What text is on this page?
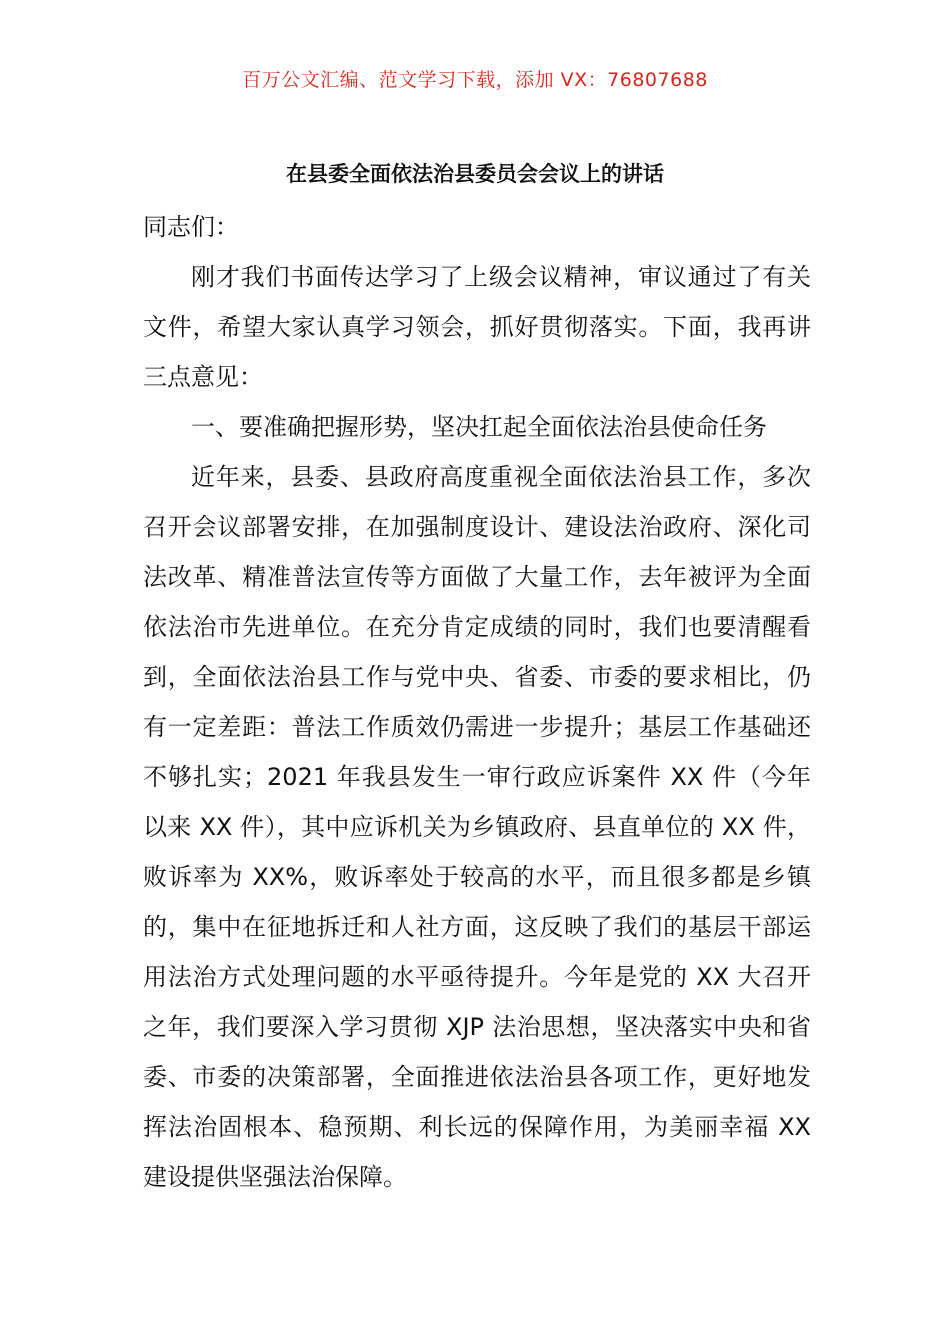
百万公文汇编、范文学习下载，添加 VX：76807688
在县委全面依法治县委员会会议上的讲话

同志们：

刚才我们书面传达学习了上级会议精神，审议通过了有关文件，希望大家认真学习领会，抓好贯彻落实。下面，我再讲三点意见：

一、要准确把握形势，坚决扛起全面依法治县使命任务

近年来，县委、县政府高度重视全面依法治县工作，多次召开会议部署安排，在加强制度设计、建设法治政府、深化司法改革、精准普法宣传等方面做了大量工作，去年被评为全面依法治市先进单位。在充分肯定成绩的同时，我们也要清醒看到，全面依法治县工作与党中央、省委、市委的要求相比，仍有一定差距：普法工作质效仍需进一步提升；基层工作基础还不够扎实；2021 年我县发生一审行政应诉案件 XX 件（今年以来 XX 件），其中应诉机关为乡镇政府、县直单位的 XX 件，败诉率为 XX%，败诉率处于较高的水平，而且很多都是乡镇的，集中在征地拆迁和人社方面，这反映了我们的基层干部运用法治方式处理问题的水平亟待提升。今年是党的 XX 大召开之年，我们要深入学习贯彻 XJP 法治思想，坚决落实中央和省委、市委的决策部署，全面推进依法治县各项工作，更好地发挥法治固根本、稳预期、利长远的保障作用，为美丽幸福 XX 建设提供坚强法治保障。
